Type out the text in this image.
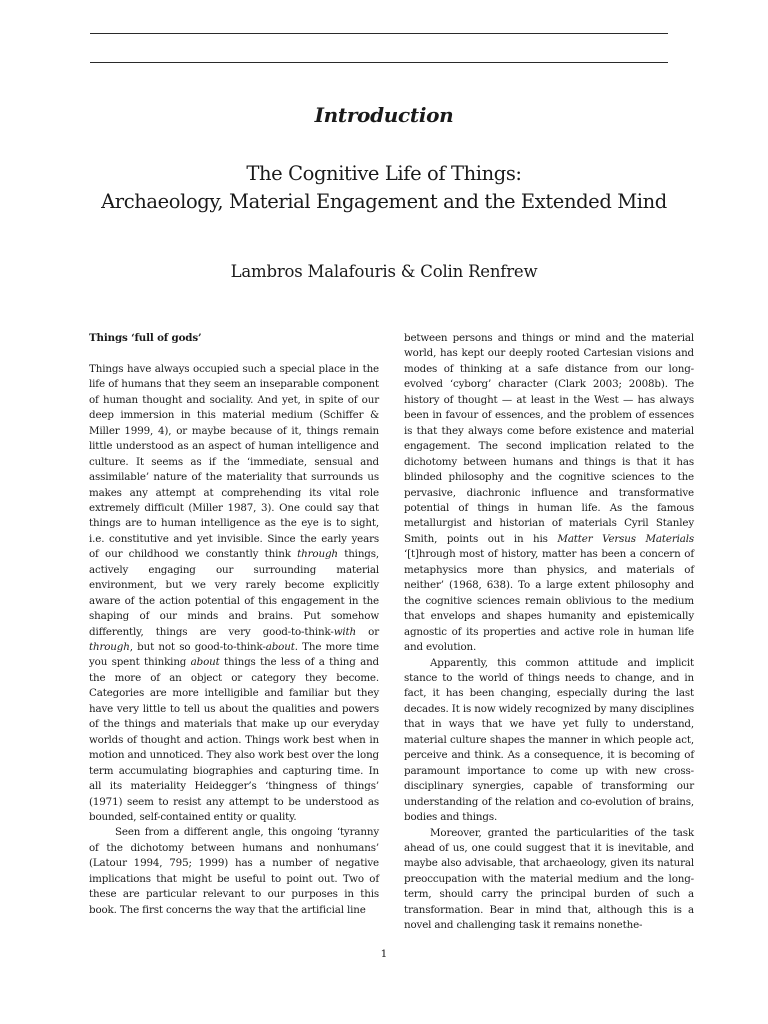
Introduction
The Cognitive Life of Things:
Archaeology, Material Engagement and the Extended Mind
Lambros Malafouris & Colin Renfrew
Things ‘full of gods’

Things have always occupied such a special place in the life of humans that they seem an inseparable component of human thought and sociality. And yet, in spite of our deep immersion in this material medium (Schiffer & Miller 1999, 4), or maybe because of it, things remain little understood as an aspect of human intelligence and culture. It seems as if the ‘immediate, sensual and assimilable’ nature of the materiality that surrounds us makes any attempt at comprehending its vital role extremely difficult (Miller 1987, 3). One could say that things are to human intelligence as the eye is to sight, i.e. constitutive and yet invisible. Since the early years of our childhood we constantly think through things, actively engaging our surrounding material environment, but we very rarely become explicitly aware of the action potential of this engagement in the shaping of our minds and brains. Put somehow differently, things are very good-to-think-with or through, but not so good-to-think-about. The more time you spent thinking about things the less of a thing and the more of an object or category they become. Categories are more intelligible and familiar but they have very little to tell us about the qualities and powers of the things and materials that make up our everyday worlds of thought and action. Things work best when in motion and unnoticed. They also work best over the long term accumulating biographies and capturing time. In all its materiality Heidegger’s ‘thingness of things’ (1971) seem to resist any attempt to be understood as bounded, self-contained entity or quality.

Seen from a different angle, this ongoing ‘tyranny of the dichotomy between humans and nonhumans’ (Latour 1994, 795; 1999) has a number of negative implications that might be useful to point out. Two of these are particular relevant to our purposes in this book. The first concerns the way that the artificial line

between persons and things or mind and the material world, has kept our deeply rooted Cartesian visions and modes of thinking at a safe distance from our long-evolved ‘cyborg’ character (Clark 2003; 2008b). The history of thought — at least in the West — has always been in favour of essences, and the problem of essences is that they always come before existence and material engagement. The second implication related to the dichotomy between humans and things is that it has blinded philosophy and the cognitive sciences to the pervasive, diachronic influence and transformative potential of things in human life. As the famous metallurgist and historian of materials Cyril Stanley Smith, points out in his Matter Versus Materials ‘[t]hrough most of history, matter has been a concern of metaphysics more than physics, and materials of neither’ (1968, 638). To a large extent philosophy and the cognitive sciences remain oblivious to the medium that envelops and shapes humanity and epistemically agnostic of its properties and active role in human life and evolution.

Apparently, this common attitude and implicit stance to the world of things needs to change, and in fact, it has been changing, especially during the last decades. It is now widely recognized by many disciplines that in ways that we have yet fully to understand, material culture shapes the manner in which people act, perceive and think. As a consequence, it is becoming of paramount importance to come up with new cross-disciplinary synergies, capable of transforming our understanding of the relation and co-evolution of brains, bodies and things.

Moreover, granted the particularities of the task ahead of us, one could suggest that it is inevitable, and maybe also advisable, that archaeology, given its natural preoccupation with the material medium and the long-term, should carry the principal burden of such a transformation. Bear in mind that, although this is a novel and challenging task it remains nonethe-

1
